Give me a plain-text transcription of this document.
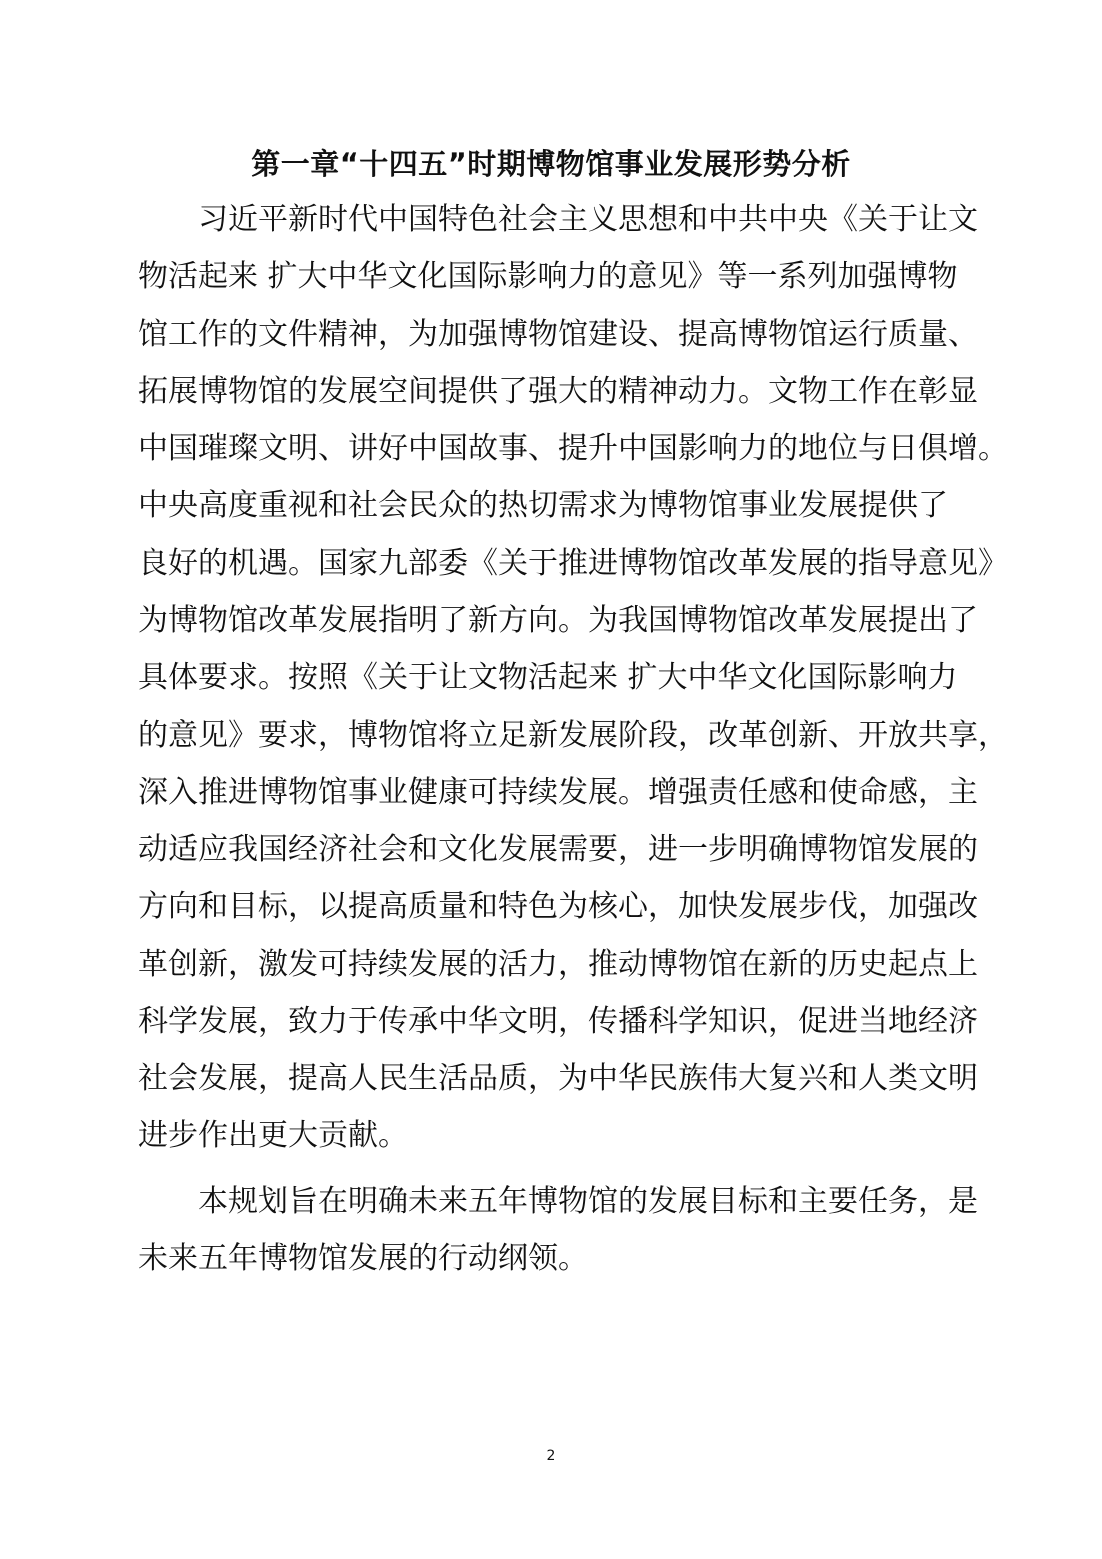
第一章“十四五”时期博物馆事业发展形势分析

习近平新时代中国特色社会主义思想和中共中央《关于让文

物活起来 扩大中华文化国际影响力的意见》等一系列加强博物

馆工作的文件精神，为加强博物馆建设、提高博物馆运行质量、

拓展博物馆的发展空间提供了强大的精神动力。文物工作在彰显

中国璀璨文明、讲好中国故事、提升中国影响力的地位与日俱增。

中央高度重视和社会民众的热切需求为博物馆事业发展提供了

良好的机遇。国家九部委《关于推进博物馆改革发展的指导意见》

为博物馆改革发展指明了新方向。为我国博物馆改革发展提出了

具体要求。按照《关于让文物活起来 扩大中华文化国际影响力

的意见》要求，博物馆将立足新发展阶段，改革创新、开放共享，

深入推进博物馆事业健康可持续发展。增强责任感和使命感，主

动适应我国经济社会和文化发展需要，进一步明确博物馆发展的

方向和目标，以提高质量和特色为核心，加快发展步伐，加强改

革创新，激发可持续发展的活力，推动博物馆在新的历史起点上

科学发展，致力于传承中华文明，传播科学知识，促进当地经济

社会发展，提高人民生活品质，为中华民族伟大复兴和人类文明

进步作出更大贡献。

本规划旨在明确未来五年博物馆的发展目标和主要任务，是

未来五年博物馆发展的行动纲领。

2
